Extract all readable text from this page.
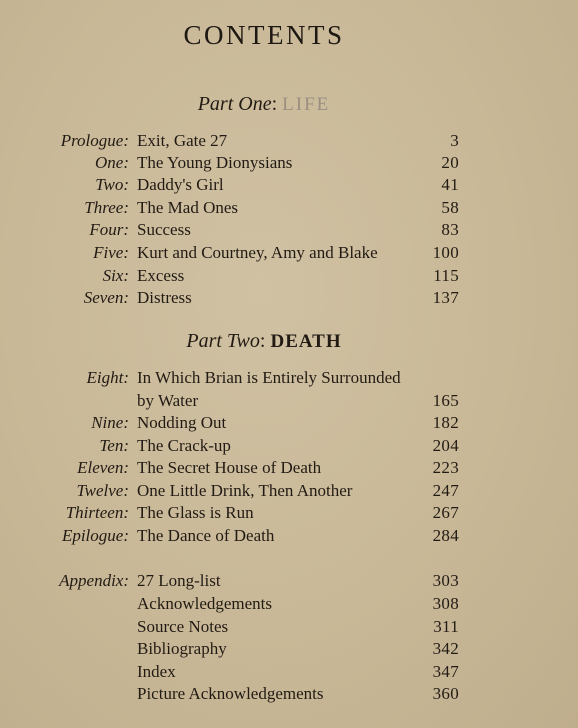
CONTENTS
Part One: LIFE
Prologue: Exit, Gate 27	3
One: The Young Dionysians	20
Two: Daddy's Girl	41
Three: The Mad Ones	58
Four: Success	83
Five: Kurt and Courtney, Amy and Blake	100
Six: Excess	115
Seven: Distress	137
Part Two: DEATH
Eight: In Which Brian is Entirely Surrounded
by Water	165
Nine: Nodding Out	182
Ten: The Crack-up	204
Eleven: The Secret House of Death	223
Twelve: One Little Drink, Then Another	247
Thirteen: The Glass is Run	267
Epilogue: The Dance of Death	284
Appendix: 27 Long-list	303
Acknowledgements	308
Source Notes	311
Bibliography	342
Index	347
Picture Acknowledgements	360
